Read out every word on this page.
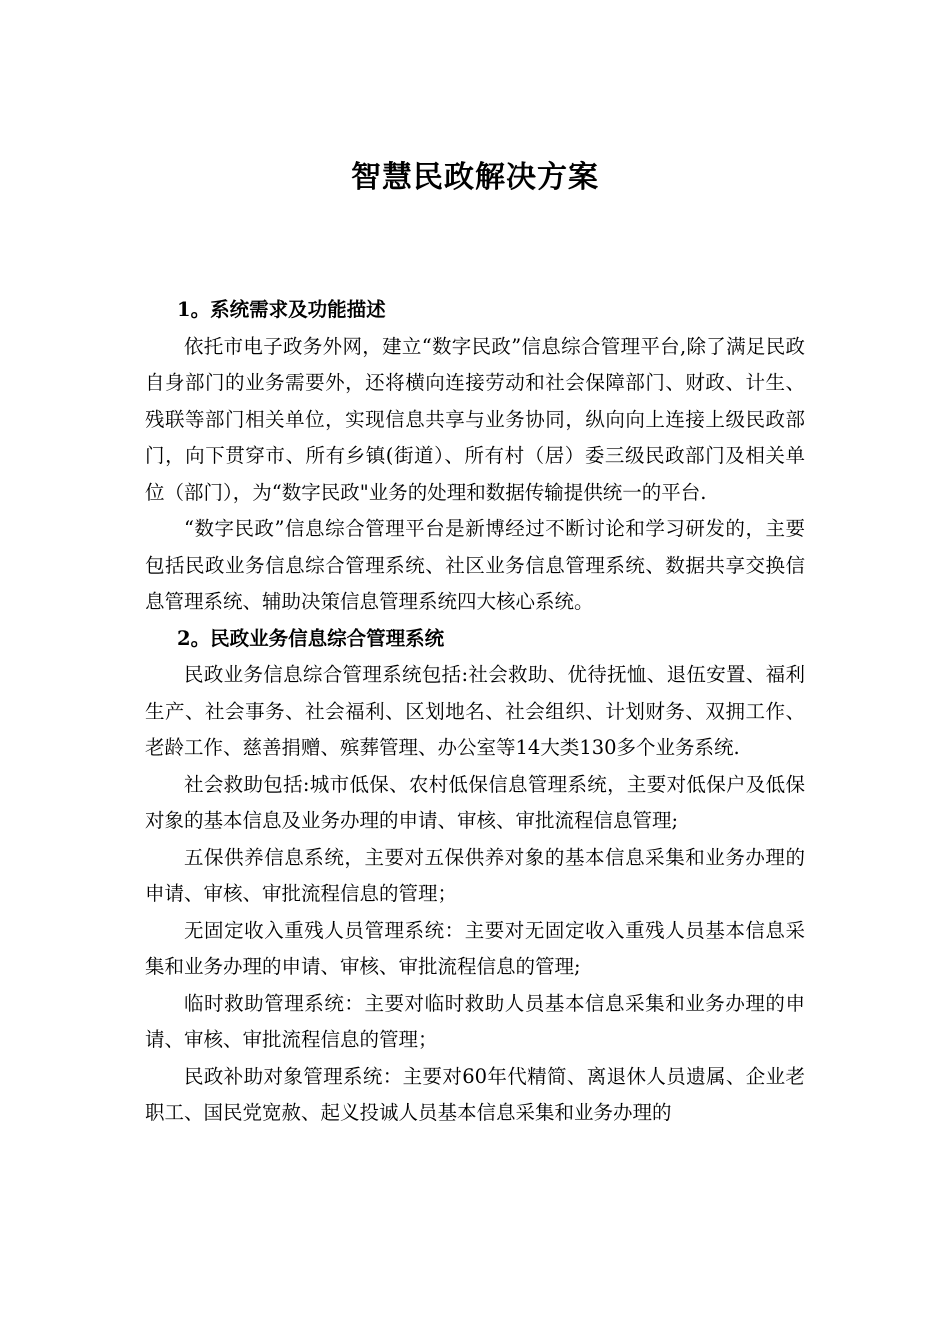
智慧民政解决方案

1。系统需求及功能描述

依托市电子政务外网，建立“数字民政”信息综合管理平台,除了满足民政自身部门的业务需要外，还将横向连接劳动和社会保障部门、财政、计生、残联等部门相关单位，实现信息共享与业务协同，纵向向上连接上级民政部门，向下贯穿市、所有乡镇(街道）、所有村（居）委三级民政部门及相关单位（部门），为“数字民政"业务的处理和数据传输提供统一的平台.

“数字民政”信息综合管理平台是新博经过不断讨论和学习研发的，主要包括民政业务信息综合管理系统、社区业务信息管理系统、数据共享交换信息管理系统、辅助决策信息管理系统四大核心系统。

2。民政业务信息综合管理系统

民政业务信息综合管理系统包括:社会救助、优待抚恤、退伍安置、福利生产、社会事务、社会福利、区划地名、社会组织、计划财务、双拥工作、老龄工作、慈善捐赠、殡葬管理、办公室等14大类130多个业务系统.

社会救助包括:城市低保、农村低保信息管理系统，主要对低保户及低保对象的基本信息及业务办理的申请、审核、审批流程信息管理;

五保供养信息系统，主要对五保供养对象的基本信息采集和业务办理的申请、审核、审批流程信息的管理；

无固定收入重残人员管理系统：主要对无固定收入重残人员基本信息采集和业务办理的申请、审核、审批流程信息的管理;

临时救助管理系统：主要对临时救助人员基本信息采集和业务办理的申请、审核、审批流程信息的管理；

民政补助对象管理系统：主要对60年代精简、离退休人员遗属、企业老职工、国民党宽赦、起义投诚人员基本信息采集和业务办理的
